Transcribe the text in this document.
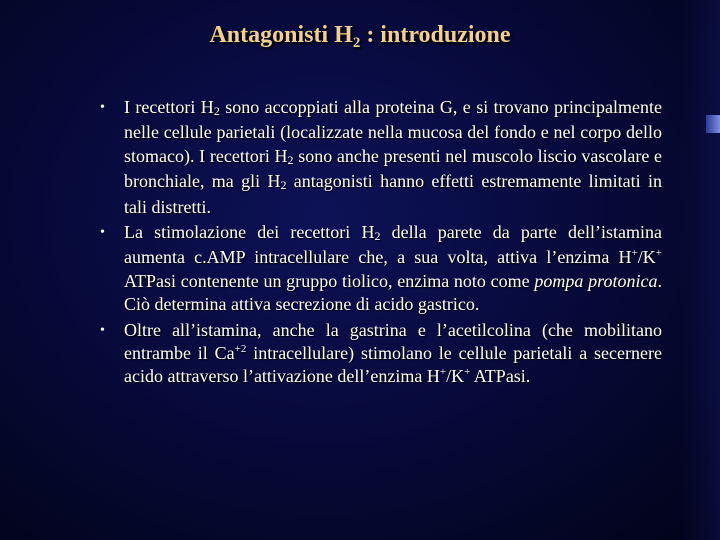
Antagonisti $H_2$ : introduzione
• I recettori $H_2$ sono accoppiati alla proteina G, e si trovano principalmente nelle cellule parietali (localizzate nella mucosa del fondo e nel corpo dello stomaco). I recettori $H_2$ sono anche presenti nel muscolo liscio vascolare e bronchiale, ma gli $H_2$ antagonisti hanno effetti estremamente limitati in tali distretti.
• La stimolazione dei recettori $H_2$ della parete da parte dell’istamina aumenta c.AMP intracellulare che, a sua volta, attiva l’enzima H+/K+ ATPasi contenente un gruppo tiolico, enzima noto come pompa protonica. Ciò determina attiva secrezione di acido gastrico.
• Oltre all’istamina, anche la gastrina e l’acetilcolina (che mobilitano entrambe il $Ca^{+2}$ intracellulare) stimolano le cellule parietali a secernere acido attraverso l’attivazione dell’enzima H+/K+ ATPasi.
